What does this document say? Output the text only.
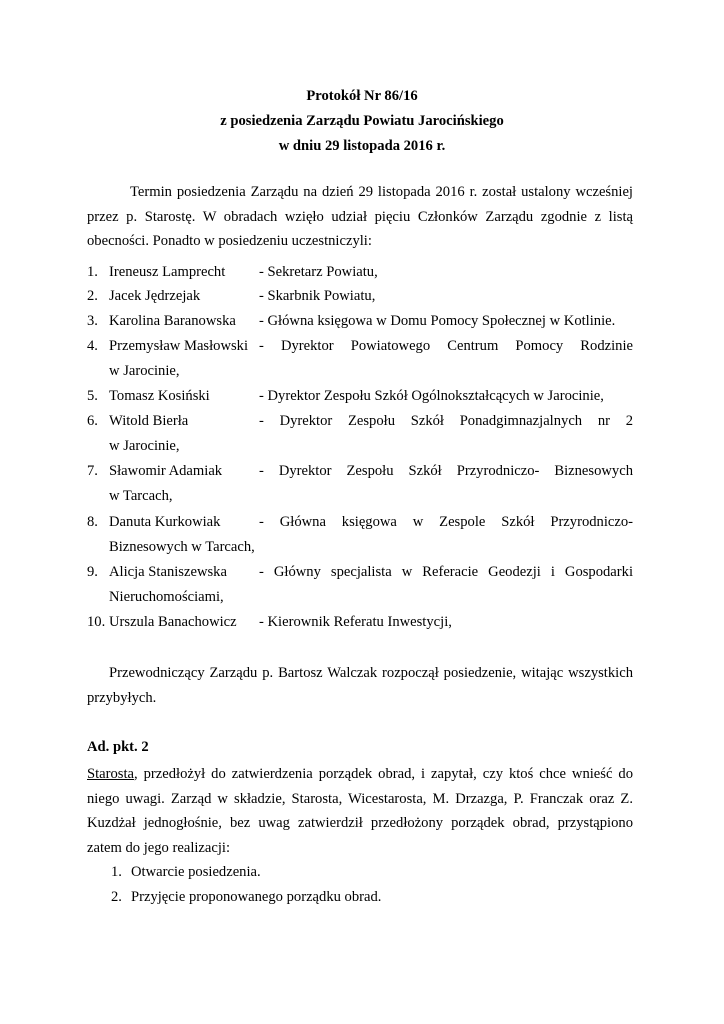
Protokół Nr 86/16
z posiedzenia Zarządu Powiatu Jarocińskiego
w dniu 29 listopada 2016 r.
Termin posiedzenia Zarządu na dzień 29 listopada 2016 r. został ustalony wcześniej przez p. Starostę. W obradach wzięło udział pięciu Członków Zarządu zgodnie z listą obecności. Ponadto w posiedzeniu uczestniczyli:
1. Ireneusz Lamprecht - Sekretarz Powiatu,
2. Jacek Jędrzejak	- Skarbnik Powiatu,
3. Karolina Baranowska - Główna księgowa w Domu Pomocy Społecznej w Kotlinie.
4. Przemysław Masłowski - Dyrektor Powiatowego Centrum Pomocy Rodzinie
w Jarocinie,
5. Tomasz Kosiński	- Dyrektor Zespołu Szkół Ogólnokształcących w Jarocinie,
6. Witold Bierła	- Dyrektor Zespołu Szkół Ponadgimnazjalnych nr 2
w Jarocinie,
7. Sławomir Adamiak	- Dyrektor Zespołu Szkół Przyrodniczo- Biznesowych
w Tarcach,
8. Danuta Kurkowiak	- Główna księgowa w Zespole Szkół Przyrodniczo-
Biznesowych w Tarcach,
9. Alicja Staniszewska - Główny specjalista w Referacie Geodezji i Gospodarki
Nieruchomościami,
10. Urszula Banachowicz - Kierownik Referatu Inwestycji,
Przewodniczący Zarządu p. Bartosz Walczak rozpoczął posiedzenie, witając wszystkich przybyłych.
Ad. pkt. 2
Starosta, przedłożył do zatwierdzenia porządek obrad, i zapytał, czy ktoś chce wnieść do niego uwagi. Zarząd w składzie, Starosta, Wicestarosta, M. Drzazga, P. Franczak oraz Z. Kuzdżał jednogłośnie, bez uwag zatwierdził przedłożony porządek obrad, przystąpiono zatem do jego realizacji:
1. Otwarcie posiedzenia.
2. Przyjęcie proponowanego porządku obrad.
